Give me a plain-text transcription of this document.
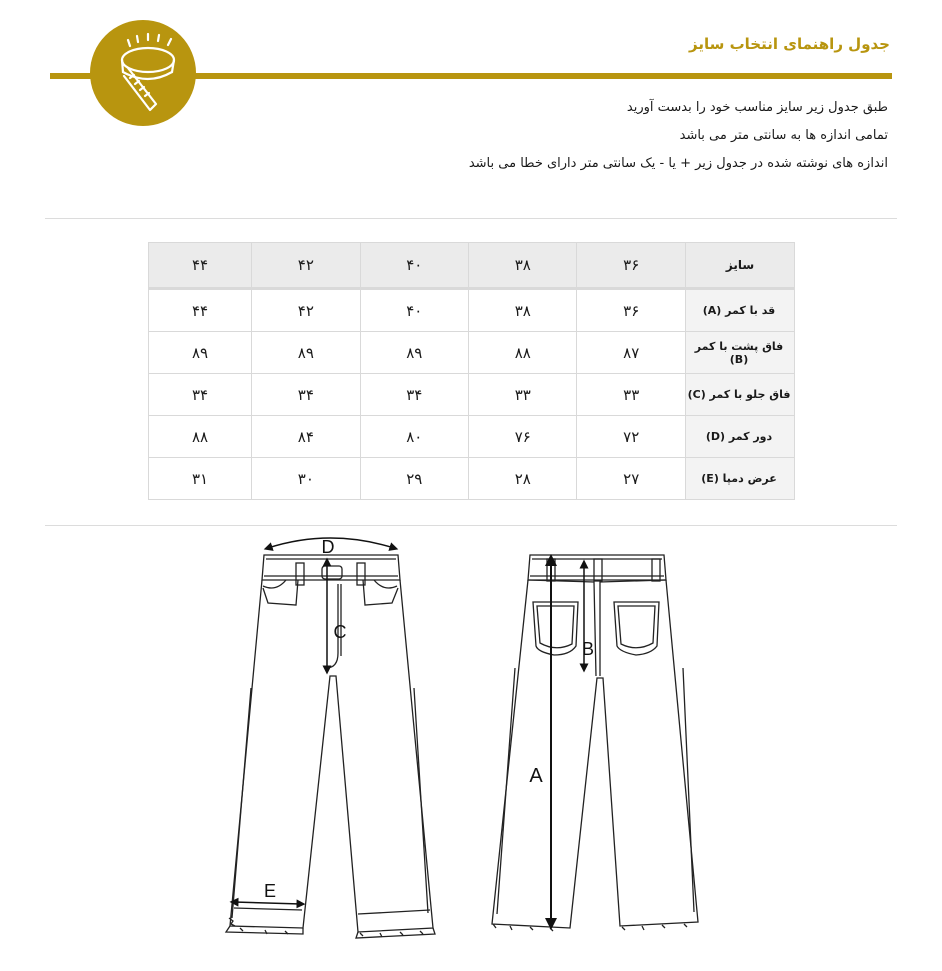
جدول راهنمای انتخاب سایز
طبق جدول زیر سایز مناسب خود را بدست آورید
تمامی اندازه ها به سانتی متر می باشد
اندازه های نوشته شده در جدول زیر + یا - یک سانتی متر دارای خطا می باشد
۴۴	۴۲	۴۰	۳۸	۳۶	سایز
۴۴	۴۲	۴۰	۳۸	۳۶	قد با کمر (A)
۸۹	۸۹	۸۹	۸۸	۸۷	فاق پشت با کمر (B)
۳۴	۳۴	۳۴	۳۳	۳۳	فاق جلو با کمر (C)
۸۸	۸۴	۸۰	۷۶	۷۲	دور کمر (D)
۳۱	۳۰	۲۹	۲۸	۲۷	عرض دمپا (E)
D
C
E
A
B
